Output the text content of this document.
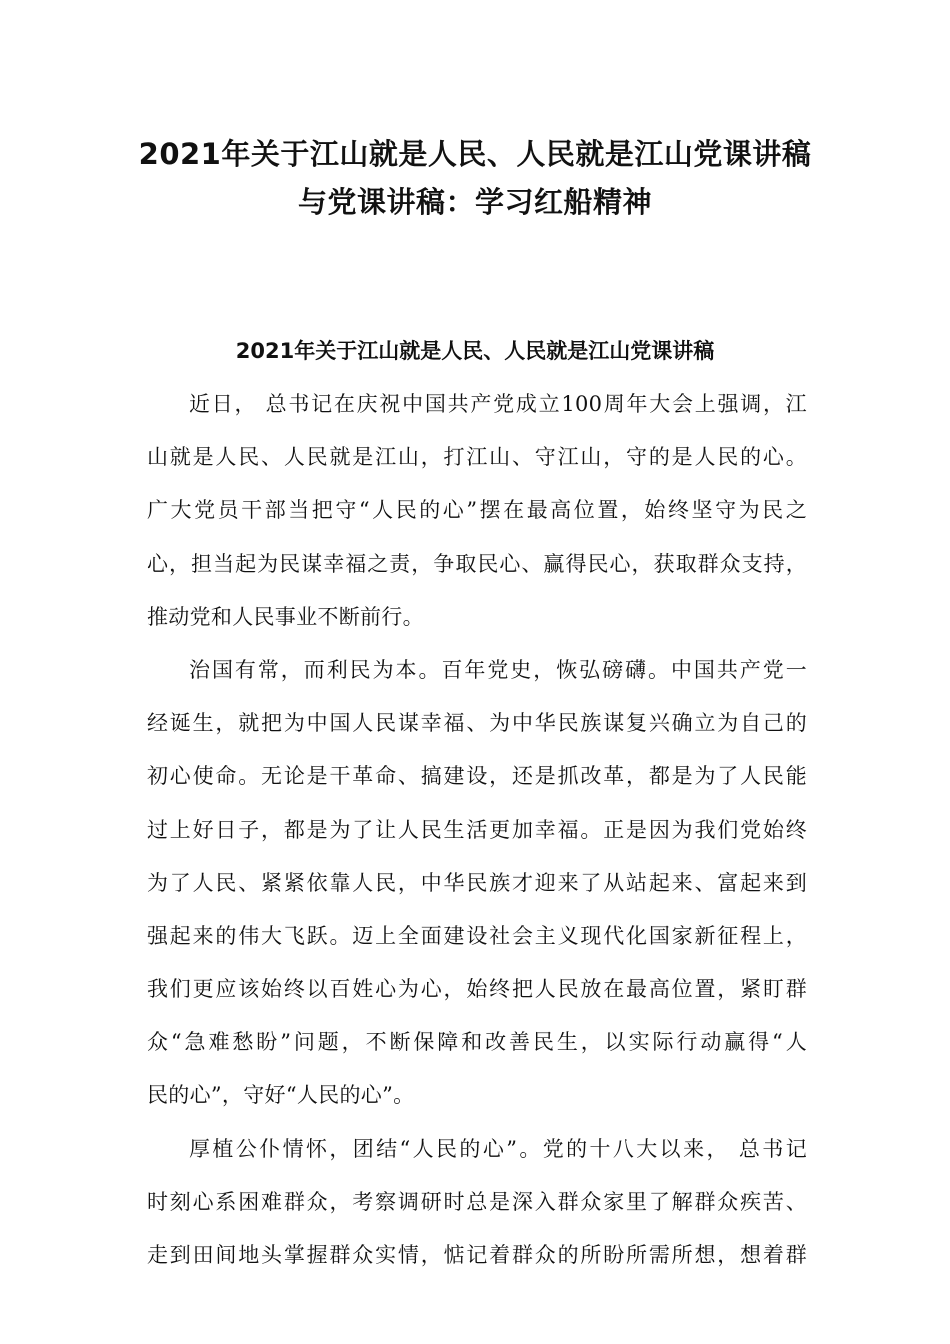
2021年关于江山就是人民、人民就是江山党课讲稿
与党课讲稿：学习红船精神
2021年关于江山就是人民、人民就是江山党课讲稿
近日， 总书记在庆祝中国共产党成立100周年大会上强调，江
山就是人民、人民就是江山，打江山、守江山，守的是人民的心。
广大党员干部当把守“人民的心”摆在最高位置，始终坚守为民之
心，担当起为民谋幸福之责，争取民心、赢得民心，获取群众支持，
推动党和人民事业不断前行。
治国有常，而利民为本。百年党史，恢弘磅礴。中国共产党一
经诞生，就把为中国人民谋幸福、为中华民族谋复兴确立为自己的
初心使命。无论是干革命、搞建设，还是抓改革，都是为了人民能
过上好日子，都是为了让人民生活更加幸福。正是因为我们党始终
为了人民、紧紧依靠人民，中华民族才迎来了从站起来、富起来到
强起来的伟大飞跃。迈上全面建设社会主义现代化国家新征程上，
我们更应该始终以百姓心为心，始终把人民放在最高位置，紧盯群
众“急难愁盼”问题，不断保障和改善民生，以实际行动赢得“人
民的心”，守好“人民的心”。
厚植公仆情怀，团结“人民的心”。党的十八大以来， 总书记
时刻心系困难群众，考察调研时总是深入群众家里了解群众疾苦、
走到田间地头掌握群众实情，惦记着群众的所盼所需所想，想着群
